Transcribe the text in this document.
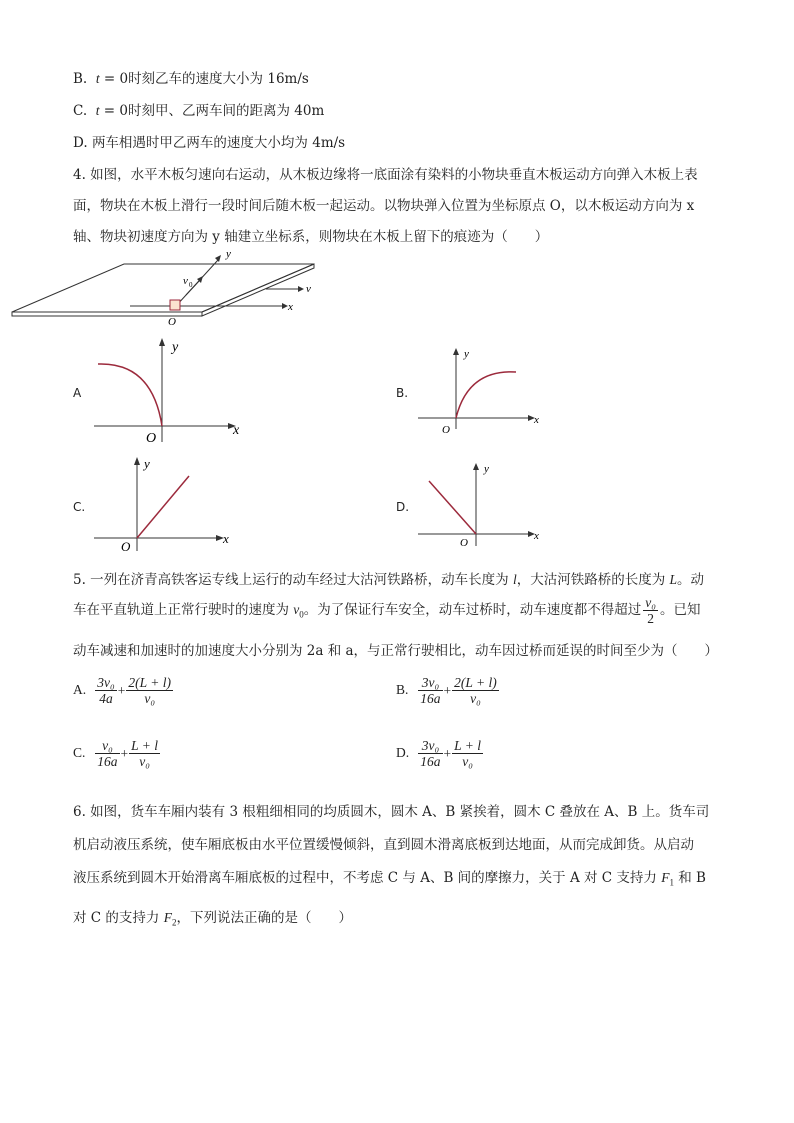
B. t = 0时刻乙车的速度大小为 16m/s
C. t = 0时刻甲、乙两车间的距离为 40m
D. 两车相遇时甲乙两车的速度大小均为 4m/s
4. 如图，水平木板匀速向右运动，从木板边缘将一底面涂有染料的小物块垂直木板运动方向弹入木板上表
面，物块在木板上滑行一段时间后随木板一起运动。以物块弹入位置为坐标原点 O，以木板运动方向为 x
轴、物块初速度方向为 y 轴建立坐标系，则物块在木板上留下的痕迹为（　　）
y
v 0	v
x
O
A
y
x
O
B.
y
x
O
C.
y
x
O
D.
y
x
O
5. 一列在济青高铁客运专线上运行的动车经过大沽河铁路桥，动车长度为 l，大沽河铁路桥的长度为 L。动
车在平直轨道上正常行驶时的速度为 $v_0$。为了保证行车安全，动车过桥时，动车速度都不得超过 $\frac{\text{v₀}}{2}$ 。已知
动车减速和加速时的加速度大小分别为 2a 和 a，与正常行驶相比，动车因过桥而延误的时间至少为（　　）
A. $\frac{\text{3v₀}}{4a} + \frac{2(L + l)}{\text{v₀}}$	B. $\frac{\text{3v₀}}{16a} + \frac{2(L + l)}{\text{v₀}}$
C. $\frac{\text{v₀}}{16a} + \frac{L + l}{\text{v₀}}$	D. $\frac{\text{3v₀}}{16a} + \frac{L + l}{\text{v₀}}$
6. 如图，货车车厢内装有 3 根粗细相同的均质圆木，圆木 A、B 紧挨着，圆木 C 叠放在 A、B 上。货车司
机启动液压系统，使车厢底板由水平位置缓慢倾斜，直到圆木滑离底板到达地面，从而完成卸货。从启动
液压系统到圆木开始滑离车厢底板的过程中，不考虑 C 与 A、B 间的摩擦力，关于 A 对 C 支持力 $F_1$ 和 B
对 C 的支持力 $F_2$，下列说法正确的是（　　）
